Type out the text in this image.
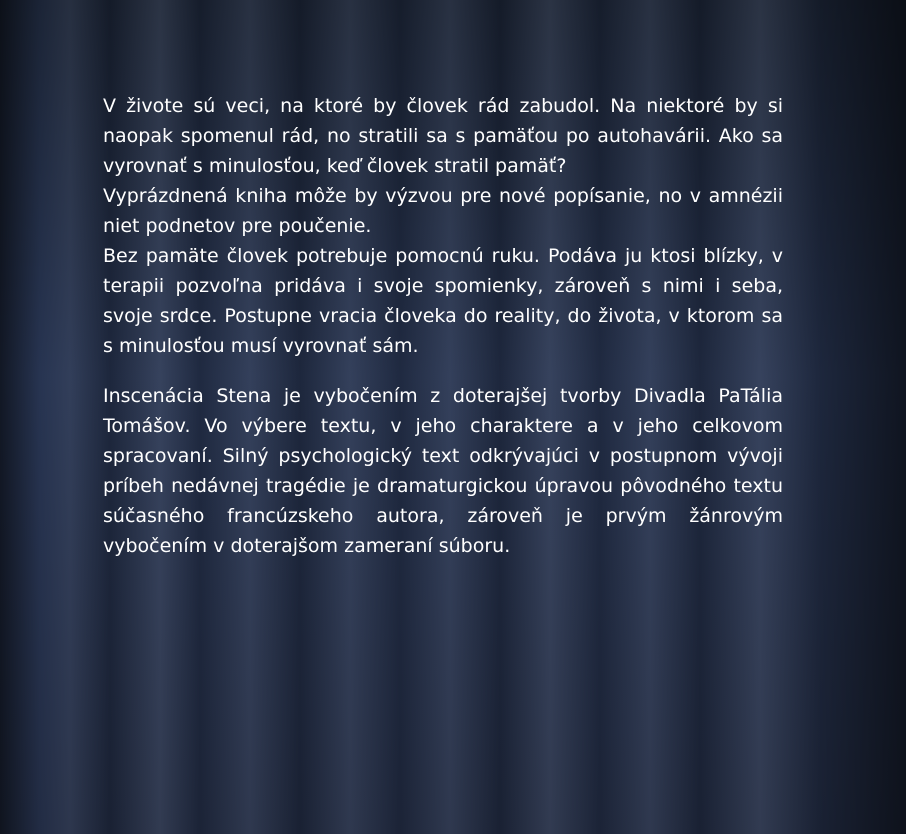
V živote sú veci, na ktoré by človek rád zabudol. Na niektoré by si naopak spomenul rád, no stratili sa s pamäťou po autohavárii. Ako sa vyrovnať s minulosťou, keď človek stratil pamäť?

Vyprázdnená kniha môže by výzvou pre nové popísanie, no v amnézii niet podnetov pre poučenie.

Bez pamäte človek potrebuje pomocnú ruku. Podáva ju ktosi blízky, v terapii pozvoľna pridáva i svoje spomienky, zároveň s nimi i seba, svoje srdce. Postupne vracia človeka do reality, do života, v ktorom sa s minulosťou musí vyrovnať sám.

Inscenácia Stena je vybočením z doterajšej tvorby Divadla PaTália Tomášov. Vo výbere textu, v jeho charaktere a v jeho celkovom spracovaní. Silný psychologický text odkrývajúci v postupnom vývoji príbeh nedávnej tragédie je dramaturgickou úpravou pôvodného textu súčasného francúzskeho autora, zároveň je prvým žánrovým vybočením v doterajšom zameraní súboru.
